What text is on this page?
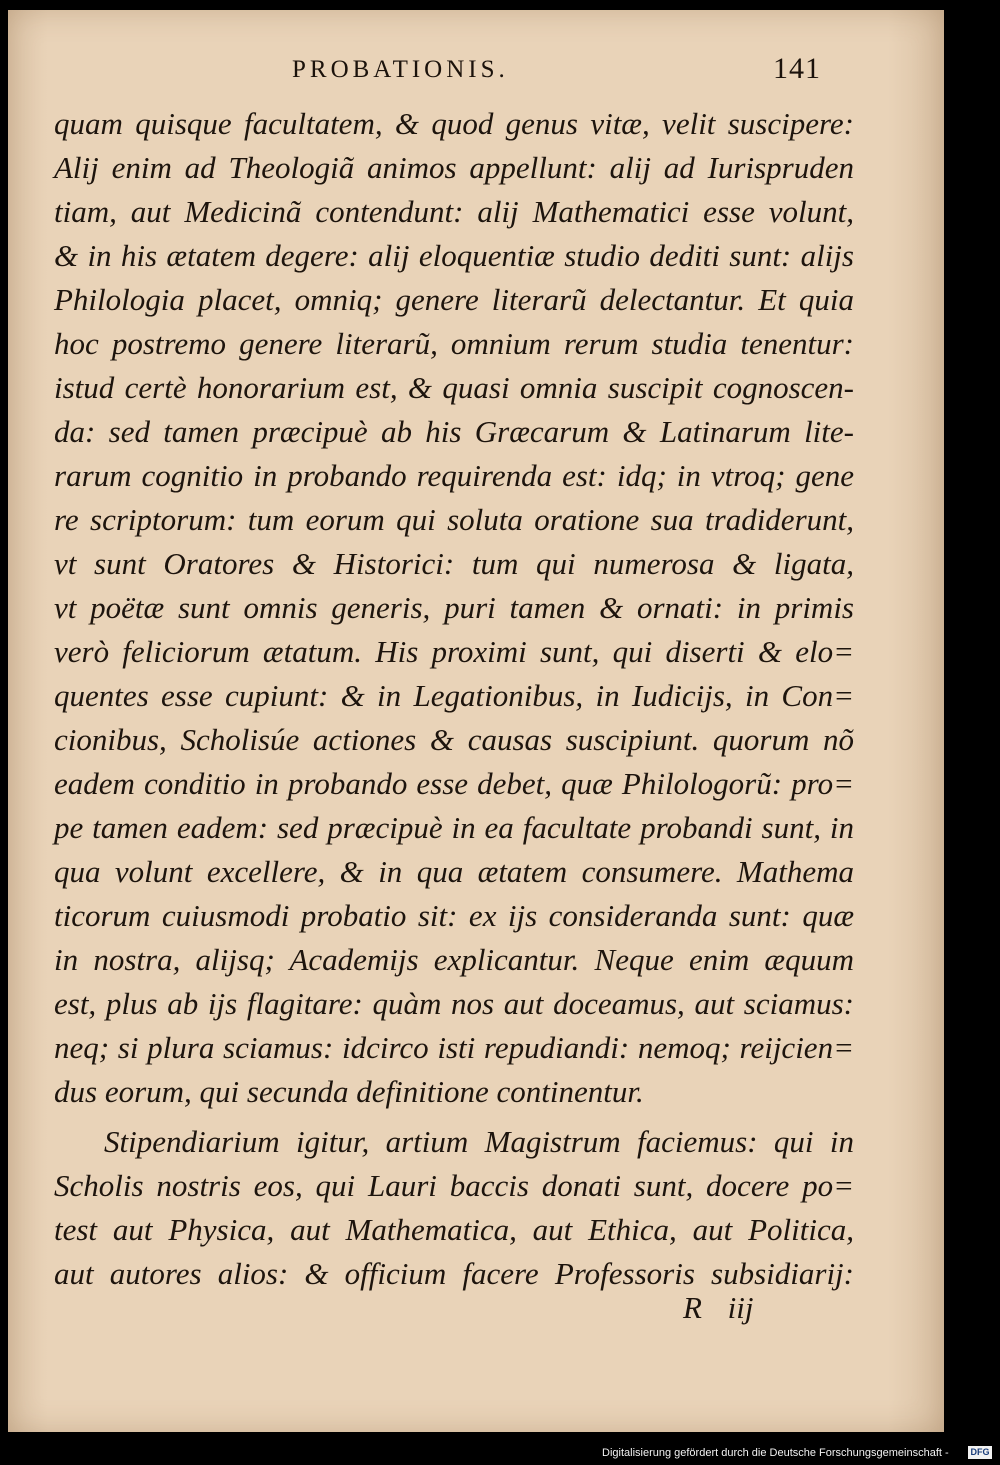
PROBATIONIS.	141
quam quisque facultatem, & quod genus vitæ, velit suscipere:
Alij enim ad Theologiã animos appellunt: alij ad Iurispruden
tiam, aut Medicinã contendunt: alij Mathematici esse volunt,
& in his ætatem degere: alij eloquentiæ studio dediti sunt: alijs
Philologia placet, omniq; genere literarũ delectantur. Et quia
hoc postremo genere literarũ, omnium rerum studia tenentur:
istud certè honorarium est, & quasi omnia suscipit cognoscen-
da: sed tamen præcipuè ab his Græcarum & Latinarum lite-
rarum cognitio in probando requirenda est: idq; in vtroq; gene
re scriptorum: tum eorum qui soluta oratione sua tradiderunt,
vt sunt Oratores & Historici: tum qui numerosa & ligata,
vt poëtæ sunt omnis generis, puri tamen & ornati: in primis
verò feliciorum ætatum. His proximi sunt, qui diserti & elo=
quentes esse cupiunt: & in Legationibus, in Iudicijs, in Con=
cionibus, Scholisúe actiones & causas suscipiunt. quorum nõ
eadem conditio in probando esse debet, quæ Philologorũ: pro=
pe tamen eadem: sed præcipuè in ea facultate probandi sunt, in
qua volunt excellere, & in qua ætatem consumere. Mathema
ticorum cuiusmodi probatio sit: ex ijs consideranda sunt: quæ
in nostra, alijsq; Academijs explicantur. Neque enim æquum
est, plus ab ijs flagitare: quàm nos aut doceamus, aut sciamus:
neq; si plura sciamus: idcirco isti repudiandi: nemoq; reijcien=
dus eorum, qui secunda definitione continentur.
Stipendiarium igitur, artium Magistrum faciemus: qui in
Scholis nostris eos, qui Lauri baccis donati sunt, docere po=
test aut Physica, aut Mathematica, aut Ethica, aut Politica,
aut autores alios: & officium facere Professoris subsidiarij:
R iij
Digitalisierung gefördert durch die Deutsche Forschungsgemeinschaft - DFG
